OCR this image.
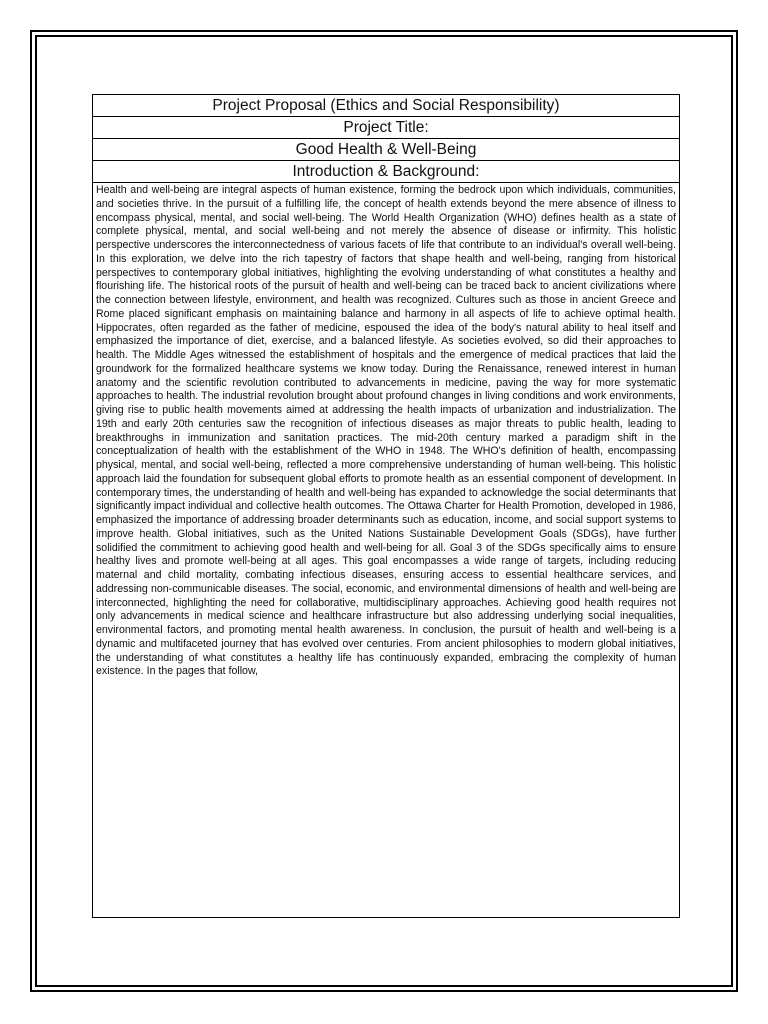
Project Proposal (Ethics and Social Responsibility)
Project Title:
Good Health & Well-Being
Introduction & Background:
Health and well-being are integral aspects of human existence, forming the bedrock upon which individuals, communities, and societies thrive. In the pursuit of a fulfilling life, the concept of health extends beyond the mere absence of illness to encompass physical, mental, and social well-being. The World Health Organization (WHO) defines health as a state of complete physical, mental, and social well-being and not merely the absence of disease or infirmity. This holistic perspective underscores the interconnectedness of various facets of life that contribute to an individual's overall well-being. In this exploration, we delve into the rich tapestry of factors that shape health and well-being, ranging from historical perspectives to contemporary global initiatives, highlighting the evolving understanding of what constitutes a healthy and flourishing life. The historical roots of the pursuit of health and well-being can be traced back to ancient civilizations where the connection between lifestyle, environment, and health was recognized. Cultures such as those in ancient Greece and Rome placed significant emphasis on maintaining balance and harmony in all aspects of life to achieve optimal health. Hippocrates, often regarded as the father of medicine, espoused the idea of the body's natural ability to heal itself and emphasized the importance of diet, exercise, and a balanced lifestyle. As societies evolved, so did their approaches to health. The Middle Ages witnessed the establishment of hospitals and the emergence of medical practices that laid the groundwork for the formalized healthcare systems we know today. During the Renaissance, renewed interest in human anatomy and the scientific revolution contributed to advancements in medicine, paving the way for more systematic approaches to health. The industrial revolution brought about profound changes in living conditions and work environments, giving rise to public health movements aimed at addressing the health impacts of urbanization and industrialization. The 19th and early 20th centuries saw the recognition of infectious diseases as major threats to public health, leading to breakthroughs in immunization and sanitation practices. The mid-20th century marked a paradigm shift in the conceptualization of health with the establishment of the WHO in 1948. The WHO's definition of health, encompassing physical, mental, and social well-being, reflected a more comprehensive understanding of human well-being. This holistic approach laid the foundation for subsequent global efforts to promote health as an essential component of development. In contemporary times, the understanding of health and well-being has expanded to acknowledge the social determinants that significantly impact individual and collective health outcomes. The Ottawa Charter for Health Promotion, developed in 1986, emphasized the importance of addressing broader determinants such as education, income, and social support systems to improve health. Global initiatives, such as the United Nations Sustainable Development Goals (SDGs), have further solidified the commitment to achieving good health and well-being for all. Goal 3 of the SDGs specifically aims to ensure healthy lives and promote well-being at all ages. This goal encompasses a wide range of targets, including reducing maternal and child mortality, combating infectious diseases, ensuring access to essential healthcare services, and addressing non-communicable diseases. The social, economic, and environmental dimensions of health and well-being are interconnected, highlighting the need for collaborative, multidisciplinary approaches. Achieving good health requires not only advancements in medical science and healthcare infrastructure but also addressing underlying social inequalities, environmental factors, and promoting mental health awareness. In conclusion, the pursuit of health and well-being is a dynamic and multifaceted journey that has evolved over centuries. From ancient philosophies to modern global initiatives, the understanding of what constitutes a healthy life has continuously expanded, embracing the complexity of human existence. In the pages that follow,
